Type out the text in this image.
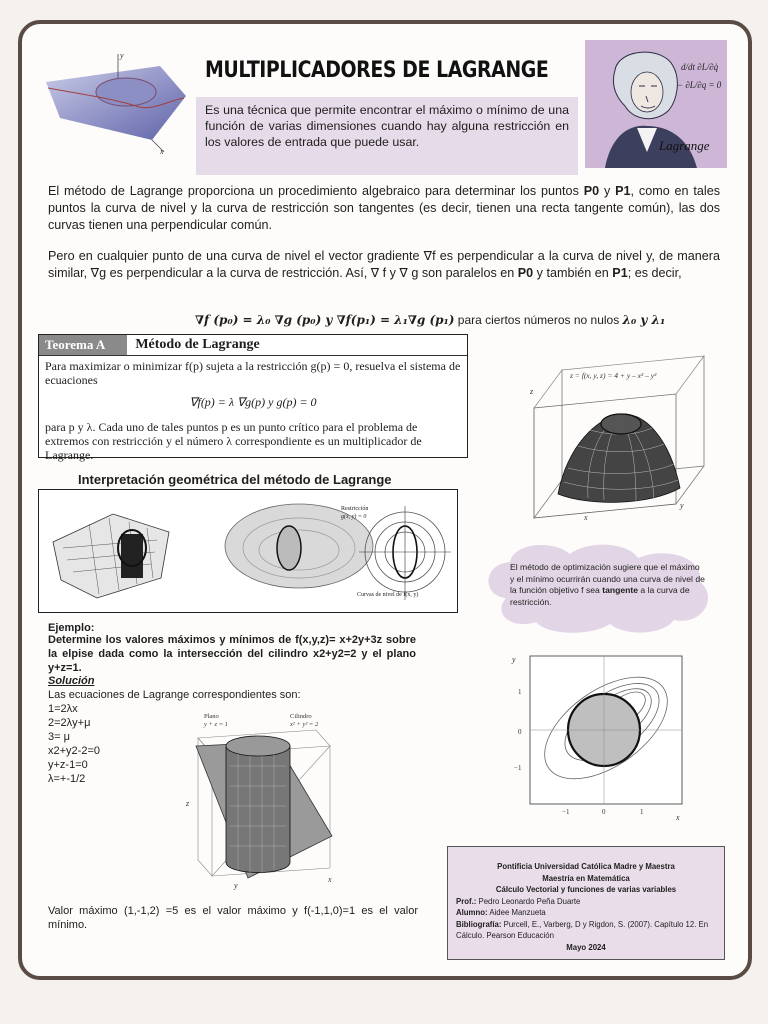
y
x
MULTIPLICADORES DE LAGRANGE
Es una técnica que permite encontrar el máximo o mínimo de una función de varias dimensiones cuando hay alguna restricción en los valores de entrada que puede usar.
d/dt ∂L/∂q̇
− ∂L/∂q = 0
Lagrange
El método de Lagrange proporciona un procedimiento algebraico para determinar los puntos P0 y P1, como en tales puntos la curva de nivel y la curva de restricción son tangentes (es decir, tienen una recta tangente común), las dos curvas tienen una perpendicular común.
Pero en cualquier punto de una curva de nivel el vector gradiente ∇f es perpendicular a la curva de nivel y, de manera similar, ∇g es perpendicular a la curva de restricción. Así, ∇ f y ∇ g son paralelos en P0 y también en P1; es decir,
∇f (p₀) = λ₀ ∇g (p₀) y ∇f(p₁) = λ₁∇g (p₁) para ciertos números no nulos λ₀ y λ₁
Teorema A	Método de Lagrange
Para maximizar o minimizar f(p) sujeta a la restricción g(p) = 0, resuelva el sistema de ecuaciones
∇f(p) = λ ∇g(p) y g(p) = 0
para p y λ. Cada uno de tales puntos p es un punto crítico para el problema de extremos con restricción y el número λ correspondiente es un multiplicador de Lagrange.
z = f(x, y, z) = 4 + y – x² – y²
z
x
y
Interpretación geométrica del método de Lagrange
Restricción
g(x, y) = 0
Curvas de nivel de f(x, y)
El método de optimización sugiere que el máximo y el mínimo ocurrirán cuando una curva de nivel de la función objetivo f sea tangente a la curva de restricción.
Ejemplo:
Determine los valores máximos y mínimos de f(x,y,z)= x+2y+3z sobre la elpise dada como la intersección del cilindro x2+y2=2 y el plano y+z=1.
Solución
Las ecuaciones de Lagrange correspondientes son:
1=2λx
2=2λy+μ
3= μ
x2+y2-2=0
y+z-1=0
λ=+-1/2
Plano
y + z = 1
Cilindro
x² + y² = 2
z
y
x
y
1
0
−1
−1	0	1
x
Valor máximo (1,-1,2) =5 es el valor máximo y f(-1,1,0)=1 es el valor mínimo.
Pontificia Universidad Católica Madre y Maestra
Maestría en Matemática
Cálculo Vectorial y funciones de varias variables
Prof.: Pedro Leonardo Peña Duarte
Alumno: Aidee Manzueta
Bibliografía: Purcell, E., Varberg, D y Rigdon, S. (2007). Capítulo 12. En Cálculo. Pearson Educación
Mayo 2024
